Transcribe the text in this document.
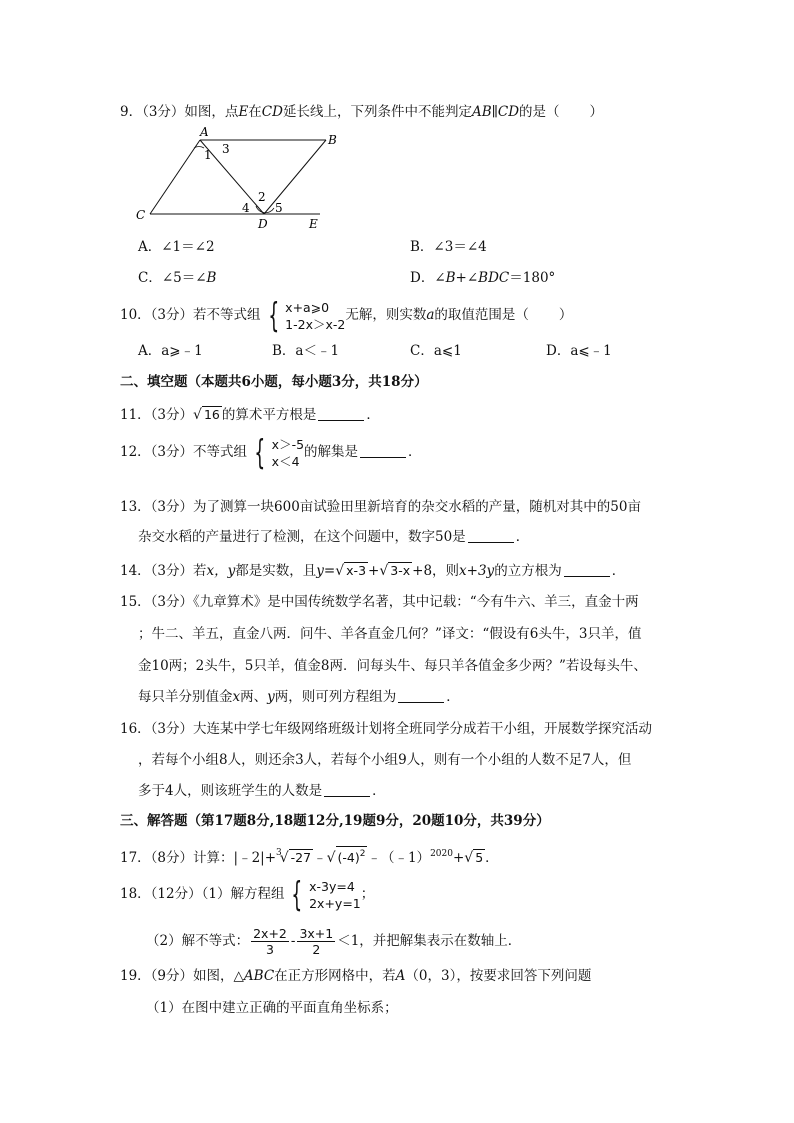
9．（3分）如图，点E在CD延长线上，下列条件中不能判定AB∥CD的是（ ）
A
B
C
D	E
1 3
2
4 5
A．∠1＝∠2	B．∠3＝∠4
C．∠5＝∠B	D．∠B+∠BDC＝180°
10．（3分）若不等式组 { x+a⩾0
1-2x＞x-2
无解，则实数a的取值范围是（ ）
A．a⩾﹣1	B．a＜﹣1	C．a⩽1	D．a⩽﹣1
二、填空题（本题共6小题，每小题3分，共18分）
11．（3分）√ 16 的算术平方根是	．
12．（3分）不等式组 { x＞-5
x＜4
的解集是	．
13．（3分）为了测算一块600亩试验田里新培育的杂交水稻的产量，随机对其中的50亩
杂交水稻的产量进行了检测，在这个问题中，数字50是	．
14．（3分）若x，y都是实数，且y=√ x-3 +√ 3-x +8，则x+3y的立方根为	．
15．（3分）《九章算术》是中国传统数学名著，其中记载：“今有牛六、羊三，直金十两
；牛二、羊五，直金八两．问牛、羊各直金几何？”译文：“假设有6头牛，3只羊，值
金10两；2头牛，5只羊，值金8两．问每头牛、每只羊各值金多少两？”若设每头牛、
每只羊分别值金x两、y两，则可列方程组为	．
16．（3分）大连某中学七年级网络班级计划将全班同学分成若干小组，开展数学探究活动
，若每个小组8人，则还余3人，若每个小组9人，则有一个小组的人数不足7人，但
多于4人，则该班学生的人数是	．
三、解答题（第17题8分,18题12分,19题9分，20题10分，共39分）
17．（8分）计算：|﹣2|+$^3$√ -27 ﹣√ $(-4)^2$ ﹣（﹣1）$^{2020}$+√ 5 ．
18．（12分）（1）解方程组 { x-3y=4
2x+y=1
；
（2）解不等式： $\frac{2x+2}{3} - \frac{3x+1}{2} <1$，并把解集表示在数轴上．
19．（9分）如图，△ABC在正方形网格中，若A（0，3），按要求回答下列问题
（1）在图中建立正确的平面直角坐标系；
